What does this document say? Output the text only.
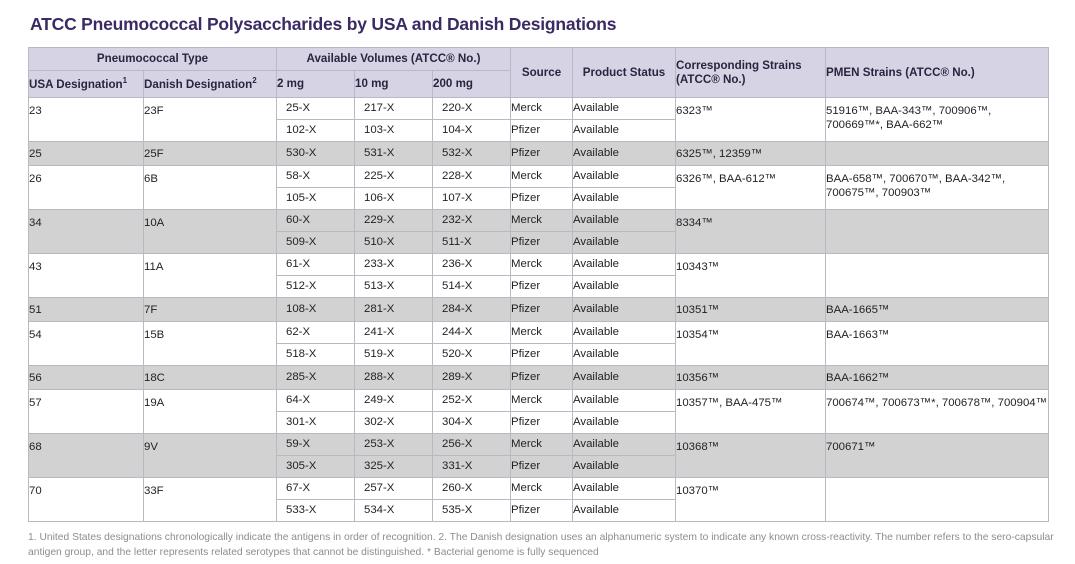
ATCC Pneumococcal Polysaccharides by USA and Danish Designations
Pneumococcal Type		Available Volumes (ATCC® No.)			Source	Product Status	Corresponding Strains (ATCC® No.)	PMEN Strains (ATCC® No.)
USA Designation$^1$	Danish Designation$^2$	2 mg	10 mg	200 mg				
23	23F	25-X	217-X	220-X	Merck	Available	6323™	51916™, BAA-343™, 700906™, 700669™*, BAA-662™
		102-X	103-X	104-X	Pfizer	Available		
25	25F	530-X	531-X	532-X	Pfizer	Available	6325™, 12359™	
26	6B	58-X	225-X	228-X	Merck	Available	6326™, BAA-612™	BAA-658™, 700670™, BAA-342™, 700675™, 700903™
		105-X	106-X	107-X	Pfizer	Available		
34	10A	60-X	229-X	232-X	Merck	Available	8334™	
		509-X	510-X	511-X	Pfizer	Available		
43	11A	61-X	233-X	236-X	Merck	Available	10343™	
		512-X	513-X	514-X	Pfizer	Available		
51	7F	108-X	281-X	284-X	Pfizer	Available	10351™	BAA-1665™
54	15B	62-X	241-X	244-X	Merck	Available	10354™	BAA-1663™
		518-X	519-X	520-X	Pfizer	Available		
56	18C	285-X	288-X	289-X	Pfizer	Available	10356™	BAA-1662™
57	19A	64-X	249-X	252-X	Merck	Available	10357™, BAA-475™	700674™, 700673™*, 700678™, 700904™
		301-X	302-X	304-X	Pfizer	Available		
68	9V	59-X	253-X	256-X	Merck	Available	10368™	700671™
		305-X	325-X	331-X	Pfizer	Available		
70	33F	67-X	257-X	260-X	Merck	Available	10370™	
		533-X	534-X	535-X	Pfizer	Available		
1. United States designations chronologically indicate the antigens in order of recognition. 2. The Danish designation uses an alphanumeric system to indicate any known cross-reactivity. The number refers to the sero-capsular antigen group, and the letter represents related serotypes that cannot be distinguished. * Bacterial genome is fully sequenced
